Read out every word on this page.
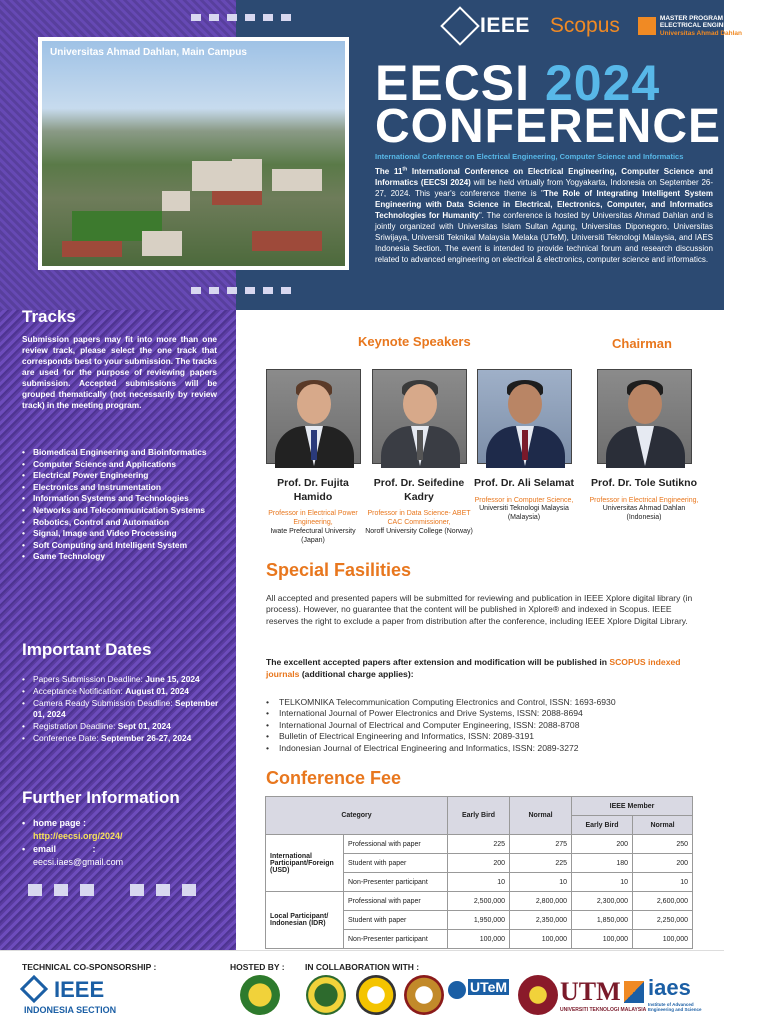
Universitas Ahmad Dahlan, Main Campus
IEEE Scopus	MASTER PROGRAM OF
ELECTRICAL ENGINEERING
Universitas Ahmad Dahlan
EECSI 2024
CONFERENCE
International Conference on Electrical Engineering, Computer Science and Informatics
The 11th International Conference on Electrical Engineering, Computer Science and Informatics (EECSI 2024) will be held virtually from Yogyakarta, Indonesia on September 26-27, 2024. This year's conference theme is "The Role of Integrating Intelligent System Engineering with Data Science in Electrical, Electronics, Computer, and Informatics Technologies for Humanity". The conference is hosted by Universitas Ahmad Dahlan and is jointly organized with Universitas Islam Sultan Agung, Universitas Diponegoro, Universitas Sriwijaya, Universiti Teknikal Malaysia Melaka (UTeM), Universiti Teknologi Malaysia, and IAES Indonesia Section. The event is intended to provide technical forum and research discussion related to advanced engineering on electrical & electronics, computer science and informatics.
Tracks
Submission papers may fit into more than one review track, please select the one track that corresponds best to your submission. The tracks are used for the purpose of reviewing papers submission. Accepted submissions will be grouped thematically (not necessarily by review track) in the meeting program.
• Biomedical Engineering and Bioinformatics
• Computer Science and Applications
• Electrical Power Engineering
• Electronics and Instrumentation
• Information Systems and Technologies
• Networks and Telecommunication Systems
• Robotics, Control and Automation
• Signal, Image and Video Processing
• Soft Computing and Intelligent System
• Game Technology
Important Dates
• Papers Submission Deadline: June 15, 2024
• Acceptance Notification: August 01, 2024
• Camera Ready Submission Deadline: September 01, 2024
• Registration Deadline: Sept 01, 2024
• Conference Date: September 26-27, 2024
Further Information
• home page :
http://eecsi.org/2024/
• email	:
eecsi.iaes@gmail.com
Keynote Speakers	Chairman
Prof. Dr. Fujita Hamido
Professor in Electrical Power Engineering,
Iwate Prefectural University (Japan)
Prof. Dr. Seifedine Kadry
Professor in Data Science- ABET CAC Commissioner,
Noroff University College (Norway)
Prof. Dr. Ali Selamat
Professor in Computer Science,
Universiti Teknologi Malaysia (Malaysia)
Prof. Dr. Tole Sutikno
Professor in Electrical Engineering,
Universitas Ahmad Dahlan (Indonesia)
Special Fasilities
All accepted and presented papers will be submitted for reviewing and publication in IEEE Xplore digital library (in process). However, no guarantee that the content will be published in Xplore® and indexed in Scopus. IEEE reserves the right to exclude a paper from distribution after the conference, including IEEE Xplore Digital Library.
The excellent accepted papers after extension and modification will be published in SCOPUS indexed journals (additional charge applies):
• TELKOMNIKA Telecommunication Computing Electronics and Control, ISSN: 1693-6930
• International Journal of Power Electronics and Drive Systems, ISSN: 2088-8694
• International Journal of Electrical and Computer Engineering, ISSN: 2088-8708
• Bulletin of Electrical Engineering and Informatics, ISSN: 2089-3191
• Indonesian Journal of Electrical Engineering and Informatics, ISSN: 2089-3272
Conference Fee
Category		Early Bird	Normal	IEEE Member	
				Early Bird	Normal
International Participant/Foreign (USD)	Professional with paper	225	275	200	250
	Student with paper	200	225	180	200
	Non-Presenter participant	10	10	10	10
Local Participant/ Indonesian (IDR)	Professional with paper	2,500,000	2,800,000	2,300,000	2,600,000
	Student with paper	1,950,000	2,350,000	1,850,000	2,250,000
	Non-Presenter participant	100,000	100,000	100,000	100,000
TECHNICAL CO-SPONSORSHIP :	HOSTED BY : IN COLLABORATION WITH :
IEEE
INDONESIA SECTION
UTeM UTM
UNIVERSITI TEKNOLOGI MALAYSIA
iaes
Institute of Advanced Engineering and Science
